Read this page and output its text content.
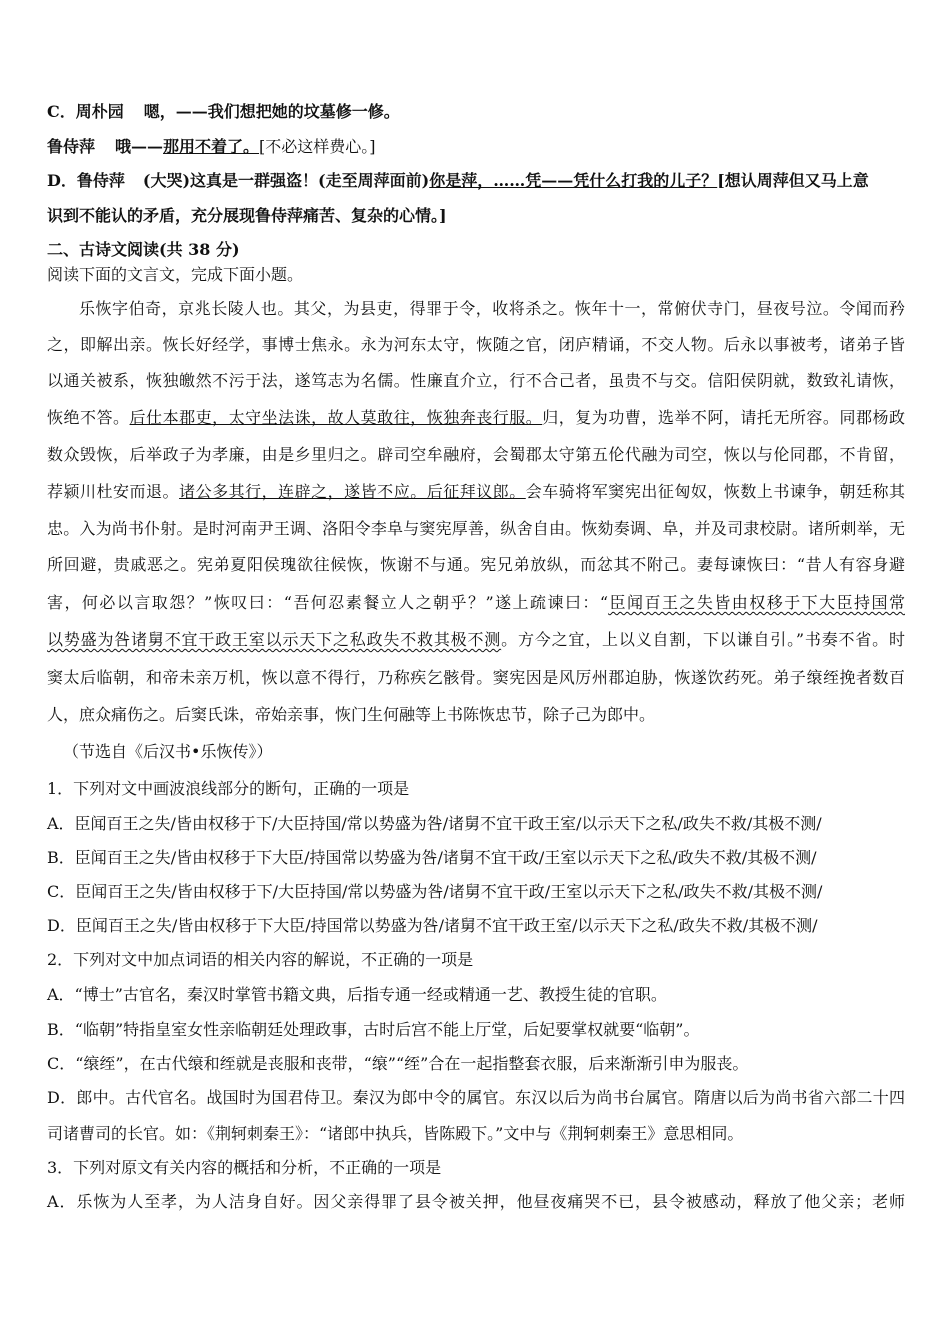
C．周朴园 嗯，——我们想把她的坟墓修一修。
鲁侍萍 哦——那用不着了。[不必这样费心。]
D．鲁侍萍 (大哭)这真是一群强盗！(走至周萍面前)你是萍，……凭——凭什么打我的儿子？[想认周萍但又马上意
识到不能认的矛盾，充分展现鲁侍萍痛苦、复杂的心情。]
二、古诗文阅读(共 38 分)
阅读下面的文言文，完成下面小题。
乐恢字伯奇，京兆长陵人也。其父，为县吏，得罪于令，收将杀之。恢年十一，常俯伏寺门，昼夜号泣。令闻而矜
之，即解出亲。恢长好经学，事博士焦永。永为河东太守，恢随之官，闭庐精诵，不交人物。后永以事被考，诸弟子皆
以通关被系，恢独皦然不污于法，遂笃志为名儒。性廉直介立，行不合己者，虽贵不与交。信阳侯阴就，数致礼请恢，
恢绝不答。后仕本郡吏，太守坐法诛，故人莫敢往，恢独奔丧行服。归，复为功曹，选举不阿，请托无所容。同郡杨政
数众毁恢，后举政子为孝廉，由是乡里归之。辟司空牟融府，会蜀郡太守第五伦代融为司空，恢以与伦同郡，不肯留，
荐颍川杜安而退。诸公多其行，连辟之，遂皆不应。后征拜议郎。会车骑将军窦宪出征匈奴，恢数上书谏争，朝廷称其
忠。入为尚书仆射。是时河南尹王调、洛阳令李阜与窦宪厚善，纵舍自由。恢劾奏调、阜，并及司隶校尉。诸所刺举，无
所回避，贵戚恶之。宪弟夏阳侯瑰欲往候恢，恢谢不与通。宪兄弟放纵，而忿其不附己。妻每谏恢曰：“昔人有容身避
害，何必以言取怨？”恢叹曰：“吾何忍素餐立人之朝乎？”遂上疏谏曰：“臣闻百王之失皆由权移于下大臣持国常
以势盛为咎诸舅不宜干政王室以示天下之私政失不救其极不测。方今之宜，上以义自割，下以谦自引。”书奏不省。时
窦太后临朝，和帝未亲万机，恢以意不得行，乃称疾乞骸骨。窦宪因是风厉州郡迫胁，恢遂饮药死。弟子缞绖挽者数百
人，庶众痛伤之。后窦氏诛，帝始亲事，恢门生何融等上书陈恢忠节，除子己为郎中。
（节选自《后汉书•乐恢传》）
1．下列对文中画波浪线部分的断句，正确的一项是
A．臣闻百王之失/皆由权移于下/大臣持国/常以势盛为咎/诸舅不宜干政王室/以示天下之私/政失不救/其极不测/
B．臣闻百王之失/皆由权移于下大臣/持国常以势盛为咎/诸舅不宜干政/王室以示天下之私/政失不救/其极不测/
C．臣闻百王之失/皆由权移于下/大臣持国/常以势盛为咎/诸舅不宜干政/王室以示天下之私/政失不救/其极不测/
D．臣闻百王之失/皆由权移于下大臣/持国常以势盛为咎/诸舅不宜干政王室/以示天下之私/政失不救/其极不测/
2．下列对文中加点词语的相关内容的解说，不正确的一项是
A．“博士”古官名，秦汉时掌管书籍文典，后指专通一经或精通一艺、教授生徒的官职。
B．“临朝”特指皇室女性亲临朝廷处理政事，古时后宫不能上厅堂，后妃要掌权就要“临朝”。
C．“缞绖”，在古代缞和绖就是丧服和丧带，“缞”“绖”合在一起指整套衣服，后来渐渐引申为服丧。
D．郎中。古代官名。战国时为国君侍卫。秦汉为郎中令的属官。东汉以后为尚书台属官。隋唐以后为尚书省六部二十四
司诸曹司的长官。如：《荆轲刺秦王》：“诸郎中执兵，皆陈殿下。”文中与《荆轲刺秦王》意思相同。
3．下列对原文有关内容的概括和分析，不正确的一项是
A．乐恢为人至孝，为人洁身自好。因父亲得罪了县令被关押，他昼夜痛哭不已，县令被感动，释放了他父亲；老师
